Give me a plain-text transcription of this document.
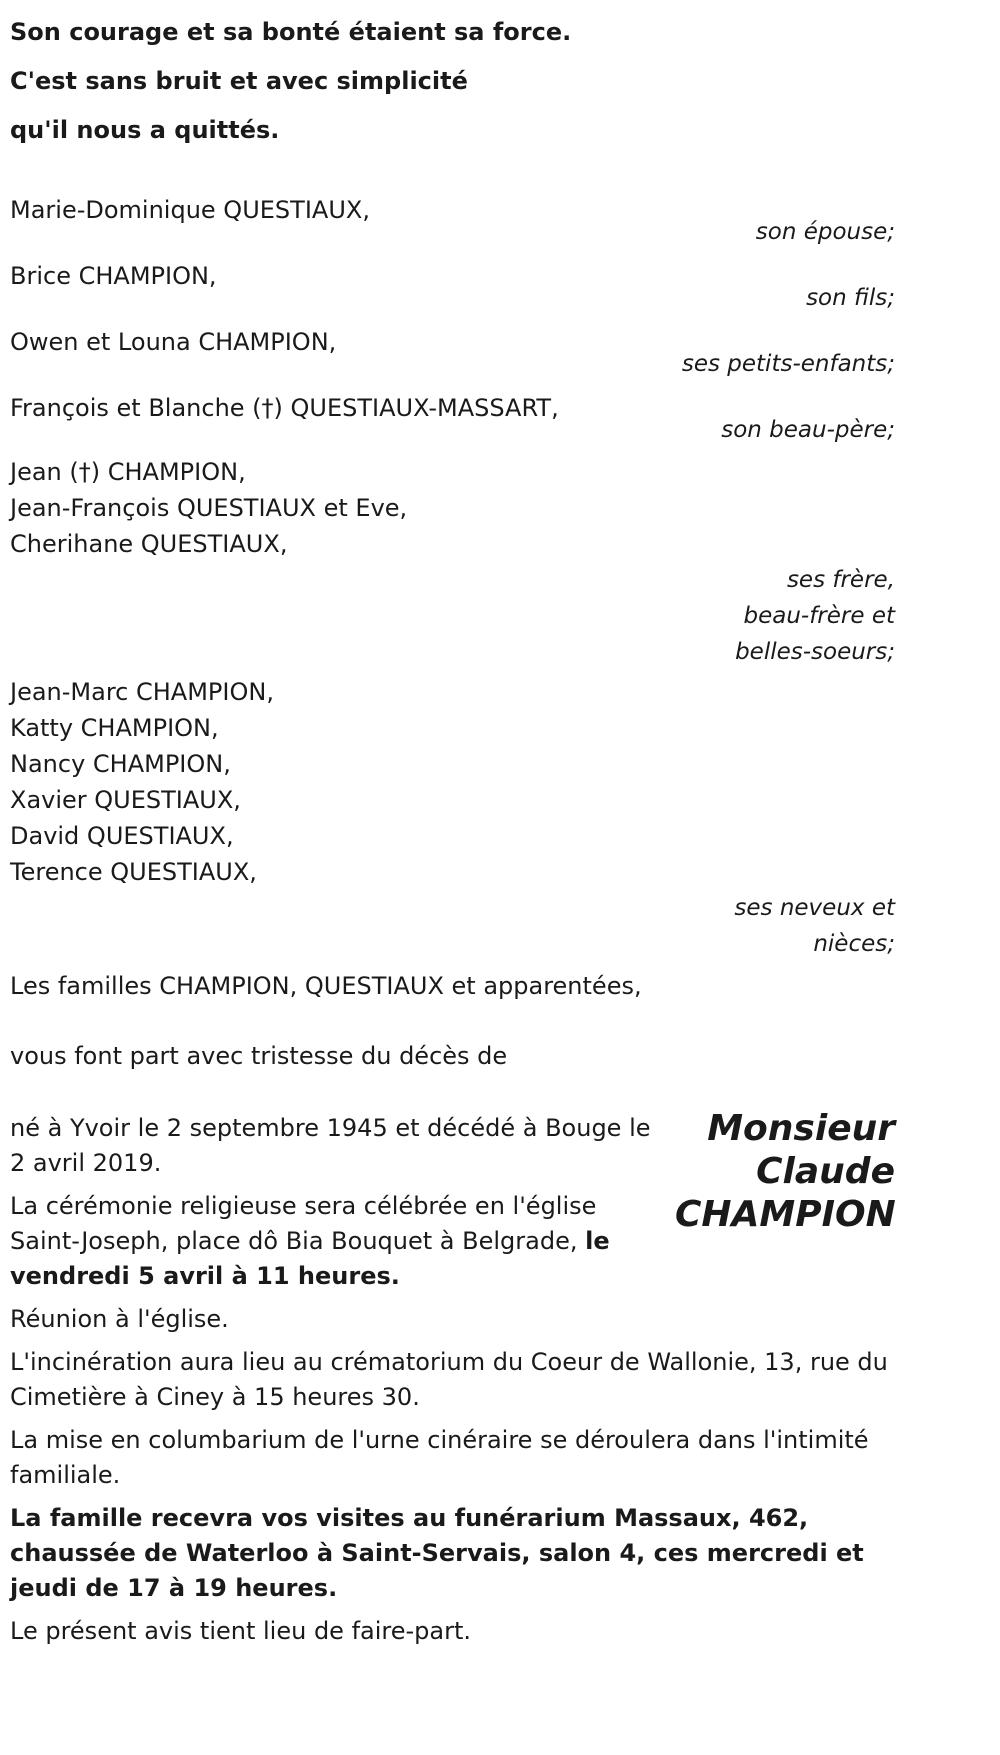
Son courage et sa bonté étaient sa force.

C'est sans bruit et avec simplicité

qu'il nous a quittés.

Marie-Dominique QUESTIAUX,
son épouse;
Brice CHAMPION,
son fils;
Owen et Louna CHAMPION,
ses petits-enfants;
François et Blanche (†) QUESTIAUX-MASSART,
son beau-père;
Jean (†) CHAMPION,
Jean-François QUESTIAUX et Eve,
Cherihane QUESTIAUX,
ses frère,
beau-frère et
belles-soeurs;
Jean-Marc CHAMPION,
Katty CHAMPION,
Nancy CHAMPION,
Xavier QUESTIAUX,
David QUESTIAUX,
Terence QUESTIAUX,
ses neveux et
nièces;
Les familles CHAMPION, QUESTIAUX et apparentées,
vous font part avec tristesse du décès de
Monsieur
Claude
CHAMPION

né à Yvoir le 2 septembre 1945 et décédé à Bouge le 2 avril 2019.

La cérémonie religieuse sera célébrée en l'église Saint-Joseph, place dô Bia Bouquet à Belgrade, le vendredi 5 avril à 11 heures.

Réunion à l'église.

L'incinération aura lieu au crématorium du Coeur de Wallonie, 13, rue du Cimetière à Ciney à 15 heures 30.

La mise en columbarium de l'urne cinéraire se déroulera dans l'intimité familiale.

La famille recevra vos visites au funérarium Massaux, 462, chaussée de Waterloo à Saint-Servais, salon 4, ces mercredi et jeudi de 17 à 19 heures.

Le présent avis tient lieu de faire-part.
